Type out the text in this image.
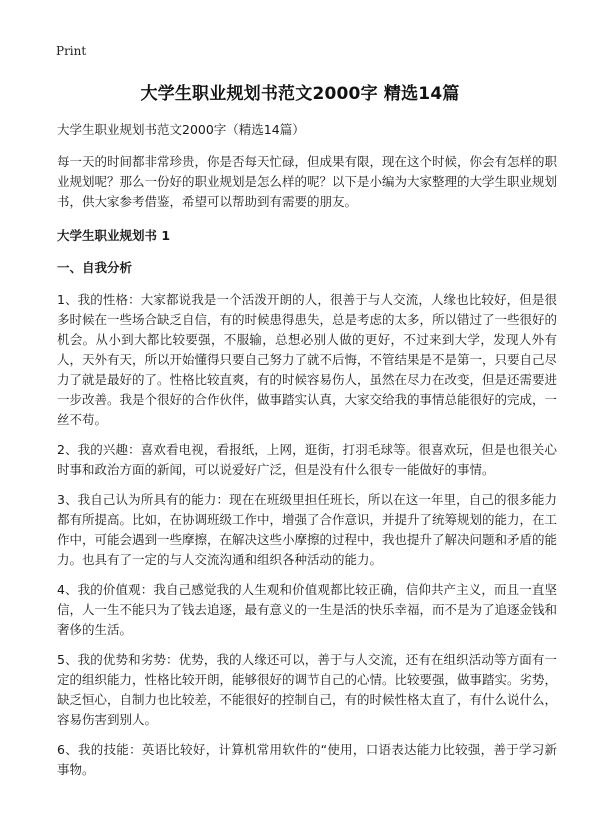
Print
大学生职业规划书范文2000字 精选14篇
大学生职业规划书范文2000字（精选14篇）

每一天的时间都非常珍贵，你是否每天忙碌，但成果有限，现在这个时候，你会有怎样的职业规划呢？那么一份好的职业规划是怎么样的呢？以下是小编为大家整理的大学生职业规划书，供大家参考借鉴，希望可以帮助到有需要的朋友。

大学生职业规划书 1
一、自我分析

1、我的性格：大家都说我是一个活泼开朗的人，很善于与人交流，人缘也比较好，但是很多时候在一些场合缺乏自信，有的时候患得患失，总是考虑的太多，所以错过了一些很好的机会。从小到大都比较要强，不服输，总想必别人做的更好，不过来到大学，发现人外有人，天外有天，所以开始懂得只要自己努力了就不后悔，不管结果是不是第一，只要自己尽力了就是最好的了。性格比较直爽，有的时候容易伤人，虽然在尽力在改变，但是还需要进一步改善。我是个很好的合作伙伴，做事踏实认真，大家交给我的事情总能很好的完成，一丝不苟。

2、我的兴趣：喜欢看电视，看报纸，上网，逛街，打羽毛球等。很喜欢玩，但是也很关心时事和政治方面的新闻，可以说爱好广泛，但是没有什么很专一能做好的事情。

3、我自己认为所具有的能力：现在在班级里担任班长，所以在这一年里，自己的很多能力都有所提高。比如，在协调班级工作中，增强了合作意识，并提升了统筹规划的能力，在工作中，可能会遇到一些摩擦，在解决这些小摩擦的过程中，我也提升了解决问题和矛盾的能力。也具有了一定的与人交流沟通和组织各种活动的能力。

4、我的价值观：我自己感觉我的人生观和价值观都比较正确，信仰共产主义，而且一直坚信，人一生不能只为了钱去追逐，最有意义的一生是活的快乐幸福，而不是为了追逐金钱和奢侈的生活。

5、我的优势和劣势：优势，我的人缘还可以，善于与人交流，还有在组织活动等方面有一定的组织能力，性格比较开朗，能够很好的调节自己的心情。比较要强，做事踏实。劣势，缺乏恒心，自制力也比较差，不能很好的控制自己，有的时候性格太直了，有什么说什么，容易伤害到别人。

6、我的技能：英语比较好，计算机常用软件的“使用，口语表达能力比较强，善于学习新事物。
